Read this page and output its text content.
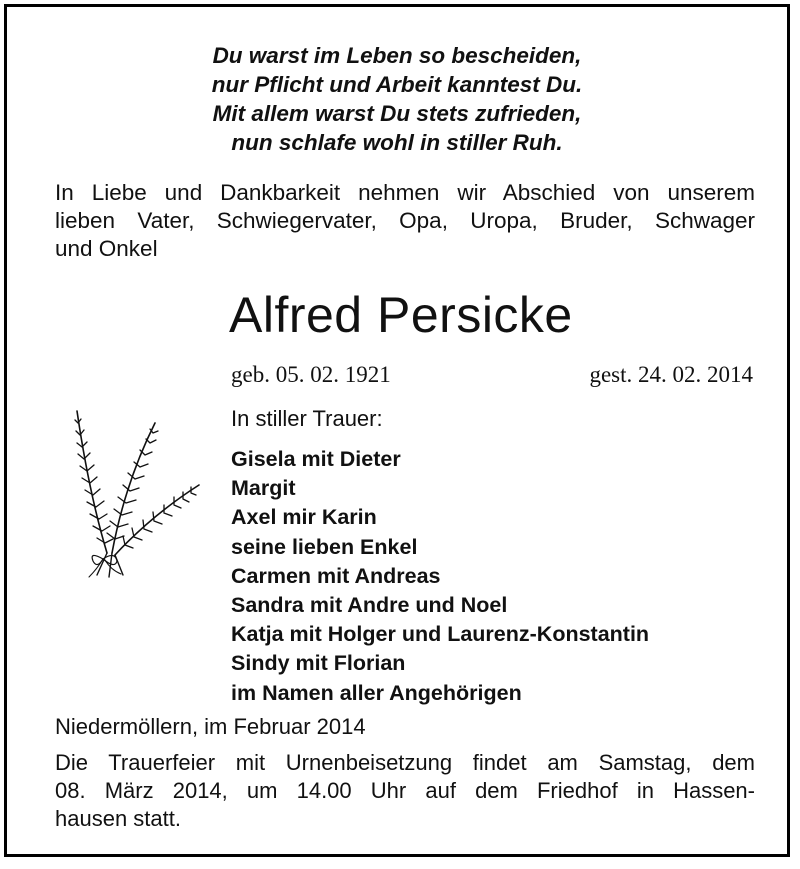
Du warst im Leben so bescheiden,
nur Pflicht und Arbeit kanntest Du.
Mit allem warst Du stets zufrieden,
nun schlafe wohl in stiller Ruh.
In Liebe und Dankbarkeit nehmen wir Abschied von unserem
lieben Vater, Schwiegervater, Opa, Uropa, Bruder, Schwager
und Onkel
Alfred Persicke
geb. 05. 02. 1921	gest. 24. 02. 2014
In stiller Trauer:
Gisela mit Dieter
Margit
Axel mir Karin
seine lieben Enkel
Carmen mit Andreas
Sandra mit Andre und Noel
Katja mit Holger und Laurenz-Konstantin
Sindy mit Florian
im Namen aller Angehörigen
Niedermöllern, im Februar 2014
Die Trauerfeier mit Urnenbeisetzung findet am Samstag, dem
08. März 2014, um 14.00 Uhr auf dem Friedhof in Hassen-
hausen statt.
